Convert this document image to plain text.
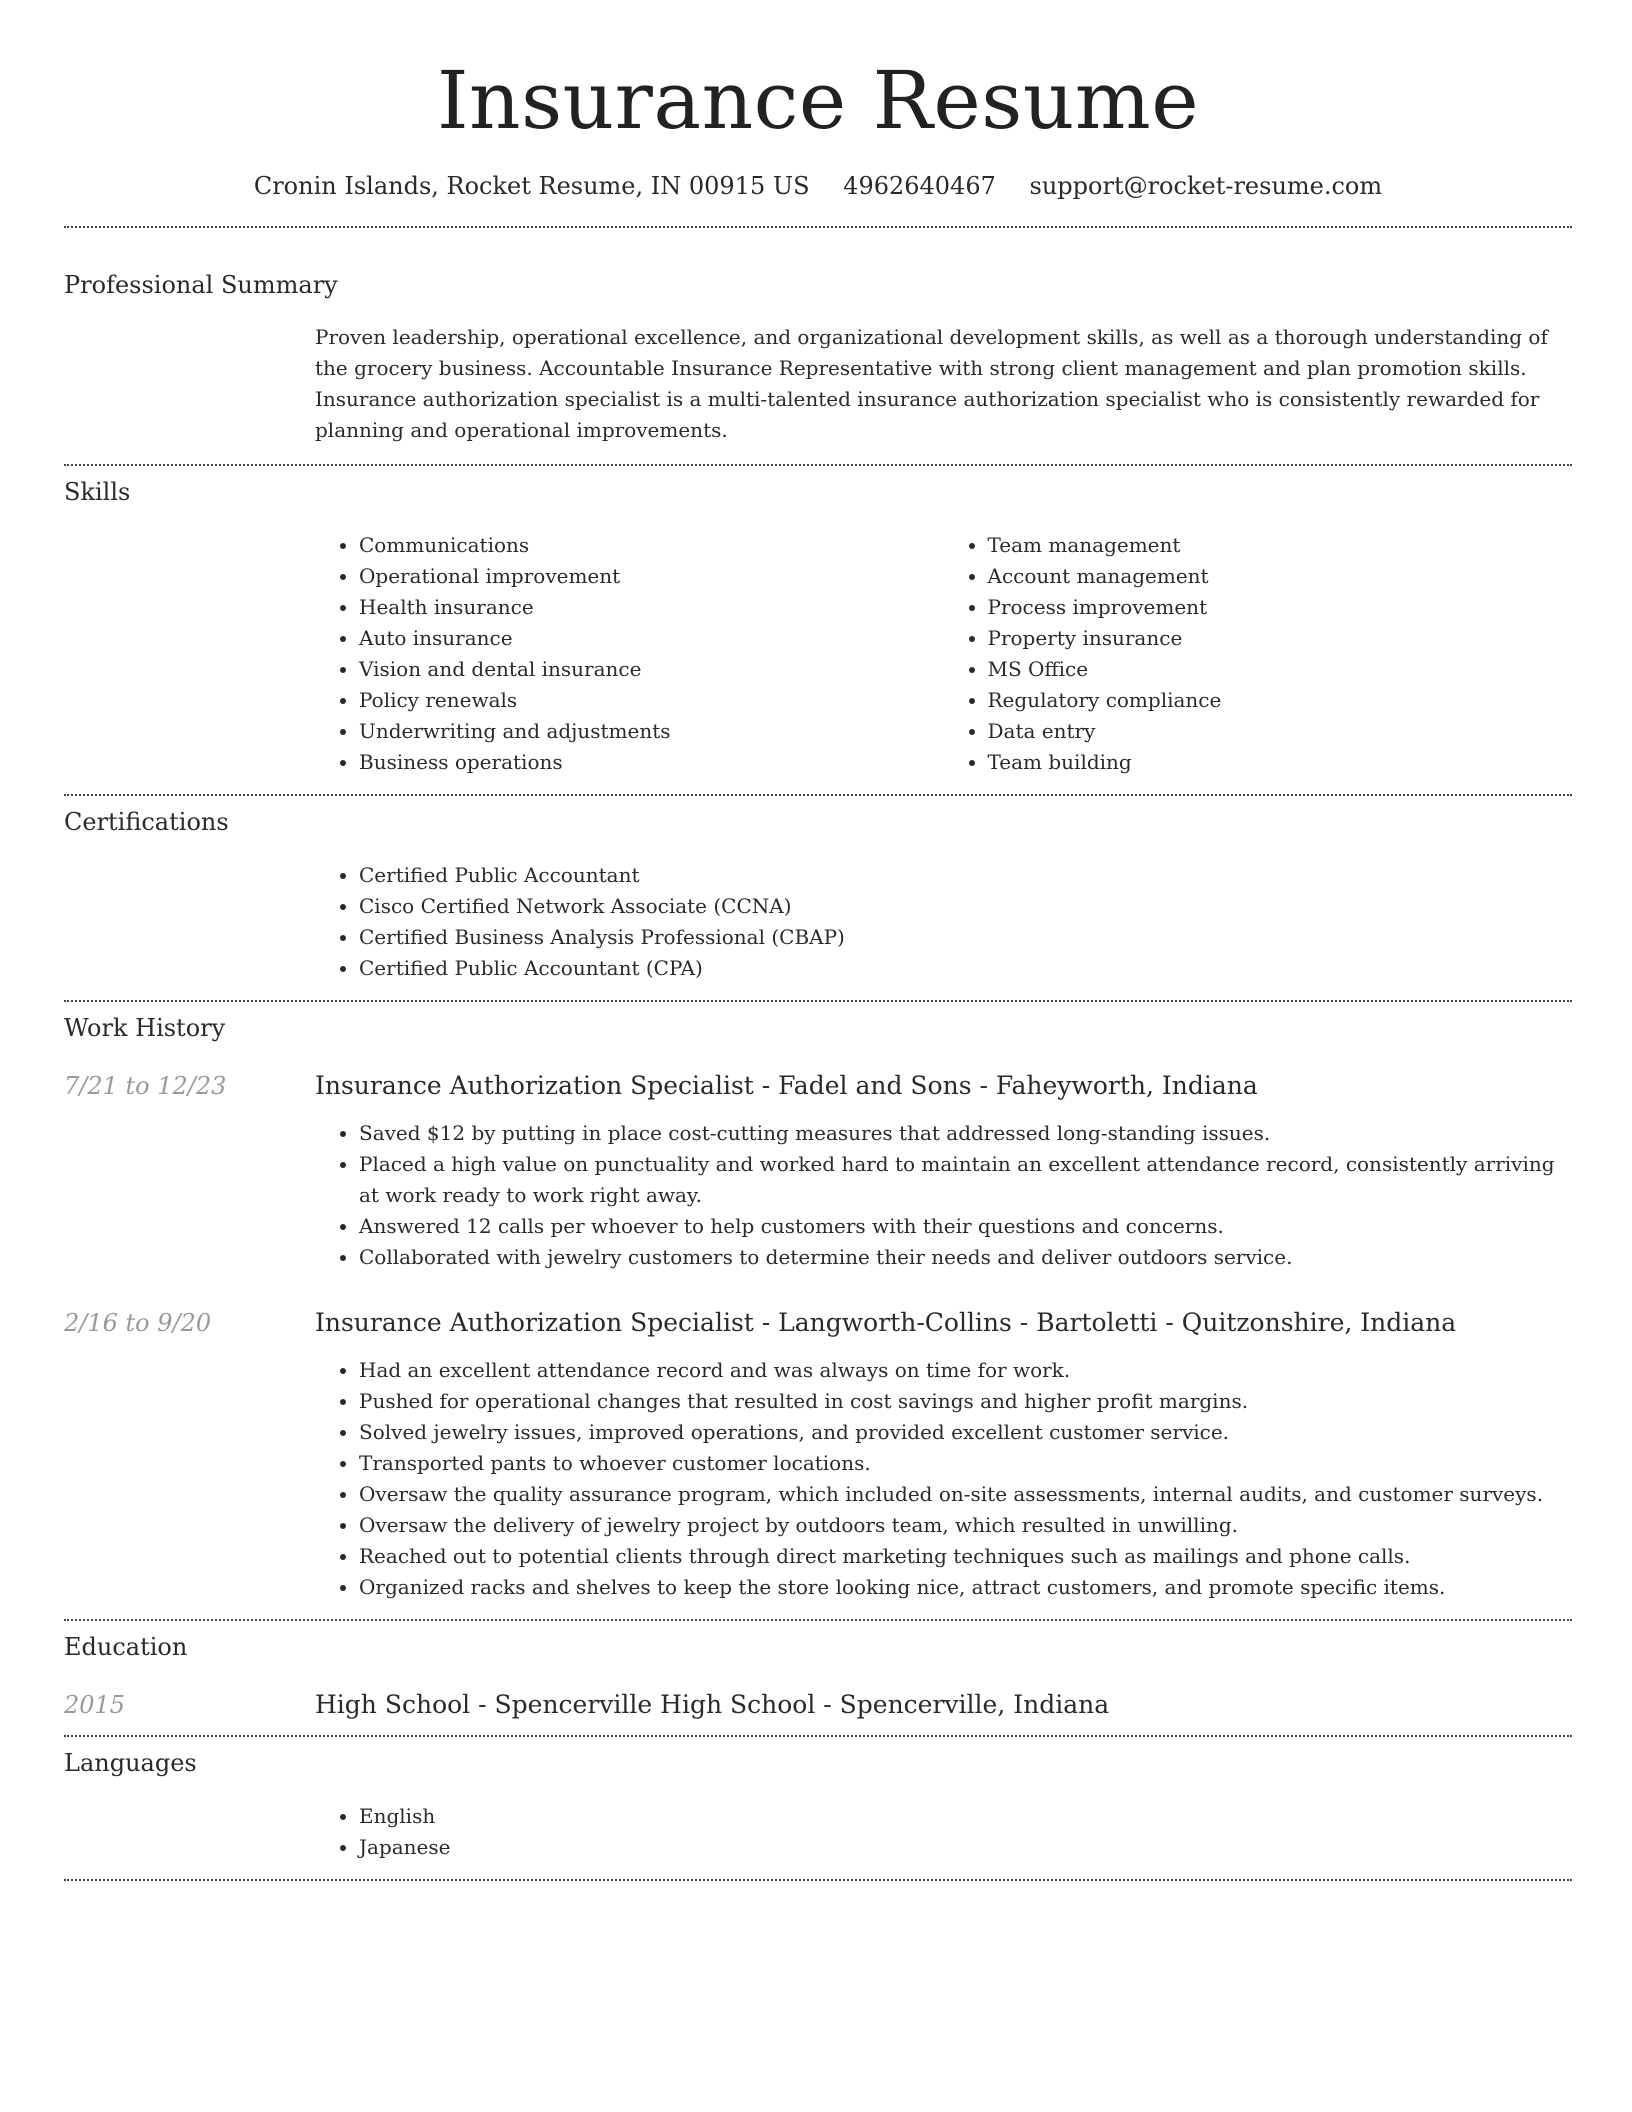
Insurance Resume
Cronin Islands, Rocket Resume, IN 00915 US 4962640467 support@rocket-resume.com
Professional Summary

Proven leadership, operational excellence, and organizational development skills, as well as a thorough understanding of the grocery business. Accountable Insurance Representative with strong client management and plan promotion skills. Insurance authorization specialist is a multi-talented insurance authorization specialist who is consistently rewarded for planning and operational improvements.

Skills
• Communications
• Operational improvement
• Health insurance
• Auto insurance
• Vision and dental insurance
• Policy renewals
• Underwriting and adjustments
• Business operations
• Team management
• Account management
• Process improvement
• Property insurance
• MS Office
• Regulatory compliance
• Data entry
• Team building
Certifications
• Certified Public Accountant
• Cisco Certified Network Associate (CCNA)
• Certified Business Analysis Professional (CBAP)
• Certified Public Accountant (CPA)
Work History
7/21 to 12/23	Insurance Authorization Specialist - Fadel and Sons - Faheyworth, Indiana
• Saved $12 by putting in place cost-cutting measures that addressed long-standing issues.
• Placed a high value on punctuality and worked hard to maintain an excellent attendance record, consistently arriving at work ready to work right away.
• Answered 12 calls per whoever to help customers with their questions and concerns.
• Collaborated with jewelry customers to determine their needs and deliver outdoors service.
2/16 to 9/20	Insurance Authorization Specialist - Langworth-Collins - Bartoletti - Quitzonshire, Indiana
• Had an excellent attendance record and was always on time for work.
• Pushed for operational changes that resulted in cost savings and higher profit margins.
• Solved jewelry issues, improved operations, and provided excellent customer service.
• Transported pants to whoever customer locations.
• Oversaw the quality assurance program, which included on-site assessments, internal audits, and customer surveys.
• Oversaw the delivery of jewelry project by outdoors team, which resulted in unwilling.
• Reached out to potential clients through direct marketing techniques such as mailings and phone calls.
• Organized racks and shelves to keep the store looking nice, attract customers, and promote specific items.
Education
2015	High School - Spencerville High School - Spencerville, Indiana
Languages
• English
• Japanese
